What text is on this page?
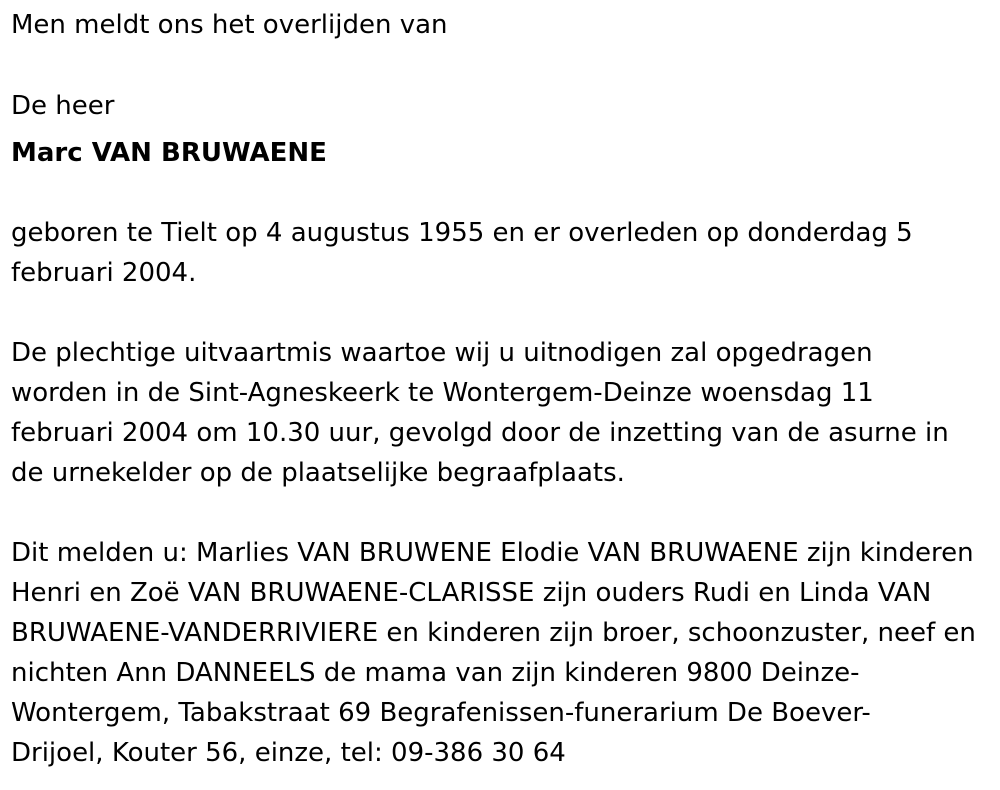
Men meldt ons het overlijden van
De heer
Marc VAN BRUWAENE
geboren te Tielt op 4 augustus 1955 en er overleden op donderdag 5
februari 2004.
De plechtige uitvaartmis waartoe wij u uitnodigen zal opgedragen
worden in de Sint-Agneskeerk te Wontergem-Deinze woensdag 11
februari 2004 om 10.30 uur, gevolgd door de inzetting van de asurne in
de urnekelder op de plaatselijke begraafplaats.
Dit melden u: Marlies VAN BRUWENE Elodie VAN BRUWAENE zijn kinderen
Henri en Zoë VAN BRUWAENE-CLARISSE zijn ouders Rudi en Linda VAN
BRUWAENE-VANDERRIVIERE en kinderen zijn broer, schoonzuster, neef en
nichten Ann DANNEELS de mama van zijn kinderen 9800 Deinze-
Wontergem, Tabakstraat 69 Begrafenissen-funerarium De Boever-
Drijoel, Kouter 56, einze, tel: 09-386 30 64
